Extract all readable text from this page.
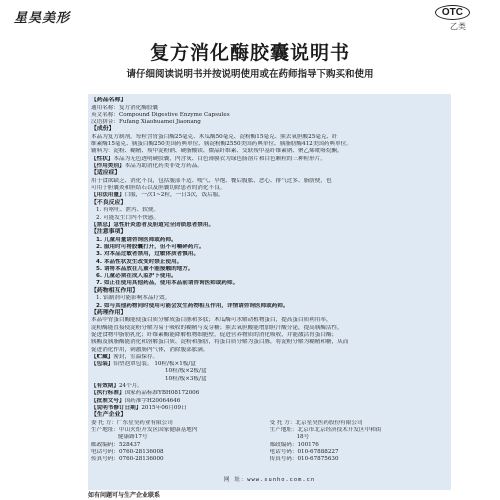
星昊美形	OTC
乙类
复方消化酶胶囊说明书
请仔细阅读说明书并按说明使用或在药师指导下购买和使用
【药品名称】
通用名称：复方消化酶胶囊
英文名称：Compound Digestive Enzyme Capsules
汉语拼音：Fufang Xiaohuamei Jiaonang
【成份】
本品为复方制剂，每粒含胃蛋白酶25毫克、木瓜酶50毫克、淀粉酶15毫克、熊去氧胆酸25毫克、纤
维素酶15毫克、胰蛋白酶250美国药典单位、胰淀粉酶2550美国药典单位、胰脂肪酶412美国药典单位。
辅料为：淀粉、糊精、羧甲淀粉钠、硬脂酸镁、微晶纤维素、交联羧甲基纤维素钠、聚乙烯吡咯烷酮。
【性状】本品为无色透明硬胶囊，内含灰、白色薄膜衣为绿色肠溶片和白色颗粒的三种粒形片。
【作用类别】本品为助消化药类非处方药品。
【适应症】
用于食欲缺乏、消化不良，包括腹部不适、嗳气、早饱、餐后腹胀、恶心、排气过多、脂肪便，也
可用于胆囊炎和胆结石以及胆囊切除患者的消化不良。
【用法用量】口服，一次1~2粒，一日3次，饭后服。
【不良反应】
1. 有呕吐、泄泻、软便。
2. 可能发生口内不快感。
【禁忌】急性肝炎患者及胆道完全闭锁患者禁用。
【注意事项】
1. 儿童用量请咨询医师或药师。
2. 服用时可将胶囊打开，但不可嚼碎药片。
3. 对本品过敏者禁用，过敏体质者慎用。
4. 本品性状发生改变时禁止使用。
5. 请将本品放在儿童不能接触的地方。
6. 儿童必须在成人监护下使用。
7. 如正在使用其他药品，使用本品前请咨询医师或药师。
【药物相互作用】
1. 铝制剂可能影响本品疗效。
2. 如与其他药物同时使用可能会发生药物相互作用，详情请咨询医师或药师。
【药理作用】
本品中胃蛋白酶能使蛋白质分解成蛋白胨和多肽；木瓜酶可水解动植物蛋白，提高蛋白质利用率，
淀粉酶能直接使淀粉分解为易于吸收的糊精与麦芽糖；熊去氧胆酸能增加胆汁酸分泌，提高胰酶活性，
促进食物中脂肪乳化；纤维素酶能降解植物细胞壁，促进营养物质的消化吸收，并能激活胃蛋白酶；
胰酶及胰脂酶能消化和溶解蛋白质、淀粉和脂肪，将蛋白质分解为蛋白胨，将淀粉分解为糊精和糖，从而
促进消化作用，刺激肠内气体，消除腹部胀满。
【贮藏】密封，室温保存。
【包装】铝塑泡罩包装。 10粒/板×1板/盒
10粒/板×2板/盒
10粒/板×3板/盒
【有效期】24个月。
【执行标准】国家药品标准YBH08172006
【批准文号】国药准字H20064646
【说明书修订日期】2015年06月09日
【生产企业】
委 托 方：广东星昊药业有限公司
生产地址：中山火炬开发区国家健康基地内
健康路17号
邮政编码：528437
电话号码：0760-28136008
传真号码：0760-28136000
受 托 方：北京星昊医药股份有限公司
生产地址：北京市北京经济技术开发区中和街
18号
邮政编码：100176
电话号码：010-67888227
传真号码：010-67875630
网 址：www.sunho.com.cn
如有问题可与生产企业联系
